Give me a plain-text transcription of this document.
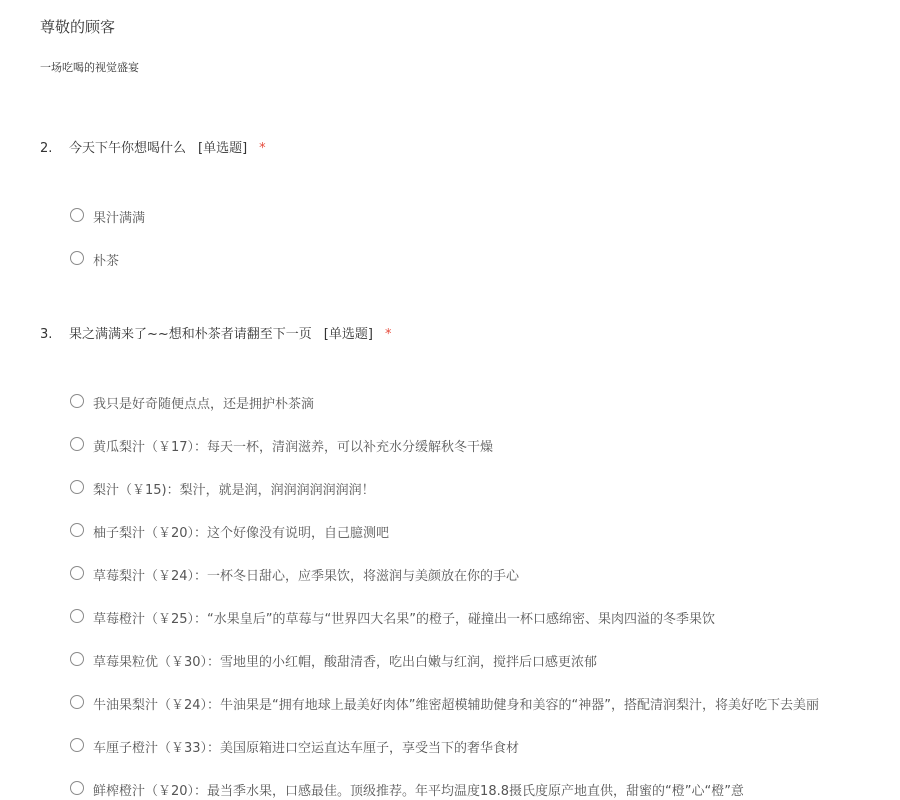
尊敬的顾客
一场吃喝的视觉盛宴
2. 今天下午你想喝什么 [单选题] *
果汁满满
朴茶
3. 果之满满来了~~想和朴茶者请翻至下一页 [单选题] *
我只是好奇随便点点，还是拥护朴茶滴
黄瓜梨汁（￥17）：每天一杯，清润滋养，可以补充水分缓解秋冬干燥
梨汁（￥15)：梨汁，就是润，润润润润润润润！
柚子梨汁（￥20）：这个好像没有说明，自己臆测吧
草莓梨汁（￥24）：一杯冬日甜心，应季果饮，将滋润与美颜放在你的手心
草莓橙汁（￥25）：“水果皇后”的草莓与“世界四大名果”的橙子，碰撞出一杯口感绵密、果肉四溢的冬季果饮
草莓果粒优（￥30）：雪地里的小红帽，酸甜清香，吃出白嫩与红润，搅拌后口感更浓郁
牛油果梨汁（￥24）：牛油果是“拥有地球上最美好肉体”维密超模辅助健身和美容的“神器”，搭配清润梨汁，将美好吃下去美丽
车厘子橙汁（￥33）：美国原箱进口空运直达车厘子，享受当下的奢华食材
鲜榨橙汁（￥20）：最当季水果，口感最佳。顶级推荐。年平均温度18.8摄氏度原产地直供，甜蜜的“橙”心“橙”意
